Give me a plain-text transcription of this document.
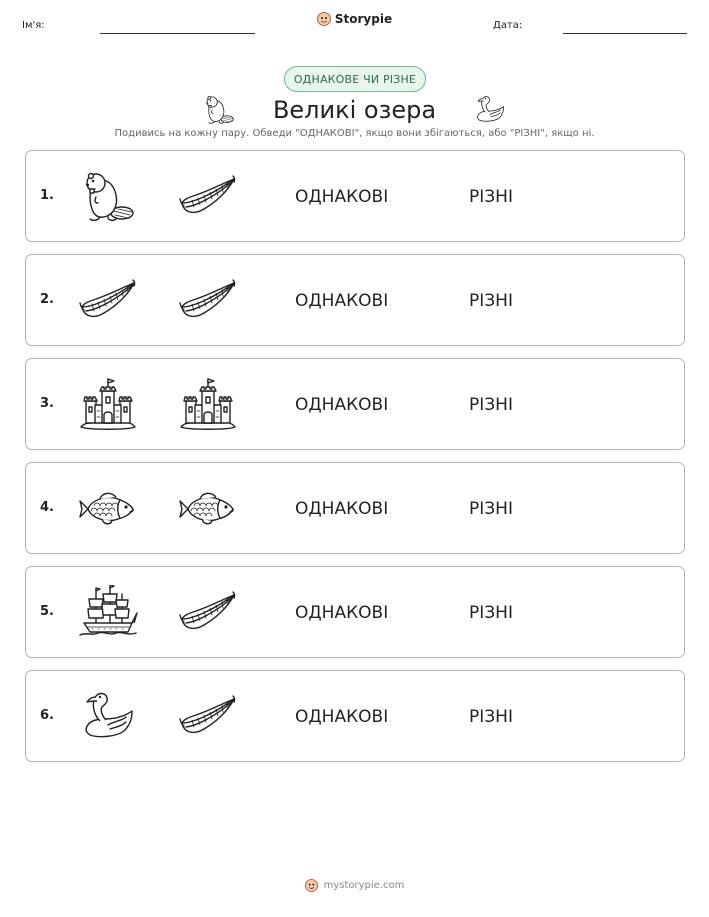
Ім'я:	Storypie	Дата:
ОДНАКОВЕ ЧИ РІЗНЕ
Великі озера

Подивись на кожну пару. Обведи "ОДНАКОВІ", якщо вони збігаються, або "РІЗНІ", якщо ні.

1.	ОДНАКОВІ	РІЗНІ
2.	ОДНАКОВІ	РІЗНІ
3.	ОДНАКОВІ	РІЗНІ
4.	ОДНАКОВІ	РІЗНІ
5.	ОДНАКОВІ	РІЗНІ
6.	ОДНАКОВІ	РІЗНІ
mystorypie.com
